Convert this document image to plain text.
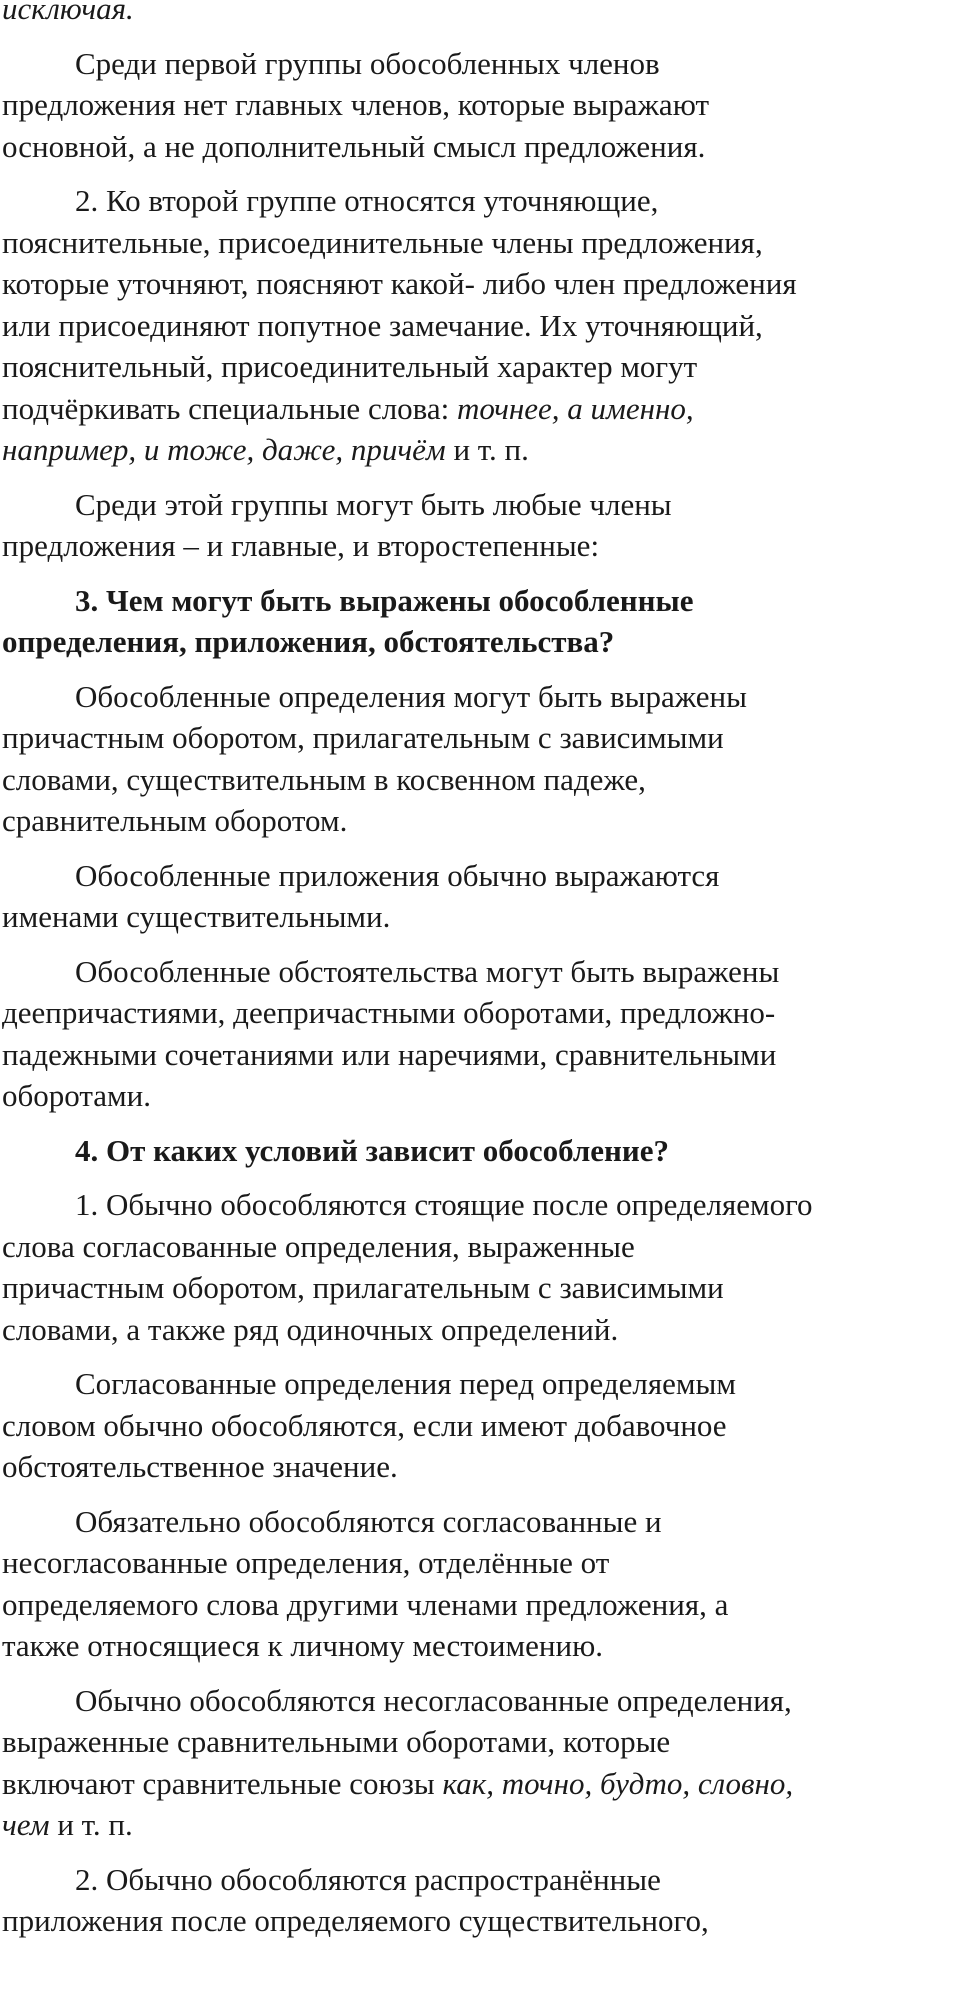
исключая.

Среди первой группы обособленных членов
предложения нет главных членов, которые выражают
основной, а не дополнительный смысл предложения.

2. Ко второй группе относятся уточняющие,
пояснительные, присоединительные члены предложения,
которые уточняют, поясняют какой- либо член предложения
или присоединяют попутное замечание. Их уточняющий,
пояснительный, присоединительный характер могут
подчёркивать специальные слова: точнее, а именно,
например, и тоже, даже, причём и т. п.

Среди этой группы могут быть любые члены
предложения – и главные, и второстепенные:

3. Чем могут быть выражены обособленные
определения, приложения, обстоятельства?

Обособленные определения могут быть выражены
причастным оборотом, прилагательным с зависимыми
словами, существительным в косвенном падеже,
сравнительным оборотом.

Обособленные приложения обычно выражаются
именами существительными.

Обособленные обстоятельства могут быть выражены
деепричастиями, деепричастными оборотами, предложно-
падежными сочетаниями или наречиями, сравнительными
оборотами.

4. От каких условий зависит обособление?

1. Обычно обособляются стоящие после определяемого
слова согласованные определения, выраженные
причастным оборотом, прилагательным с зависимыми
словами, а также ряд одиночных определений.

Согласованные определения перед определяемым
словом обычно обособляются, если имеют добавочное
обстоятельственное значение.

Обязательно обособляются согласованные и
несогласованные определения, отделённые от
определяемого слова другими членами предложения, а
также относящиеся к личному местоимению.

Обычно обособляются несогласованные определения,
выраженные сравнительными оборотами, которые
включают сравнительные союзы как, точно, будто, словно,
чем и т. п.

2. Обычно обособляются распространённые
приложения после определяемого существительного,
